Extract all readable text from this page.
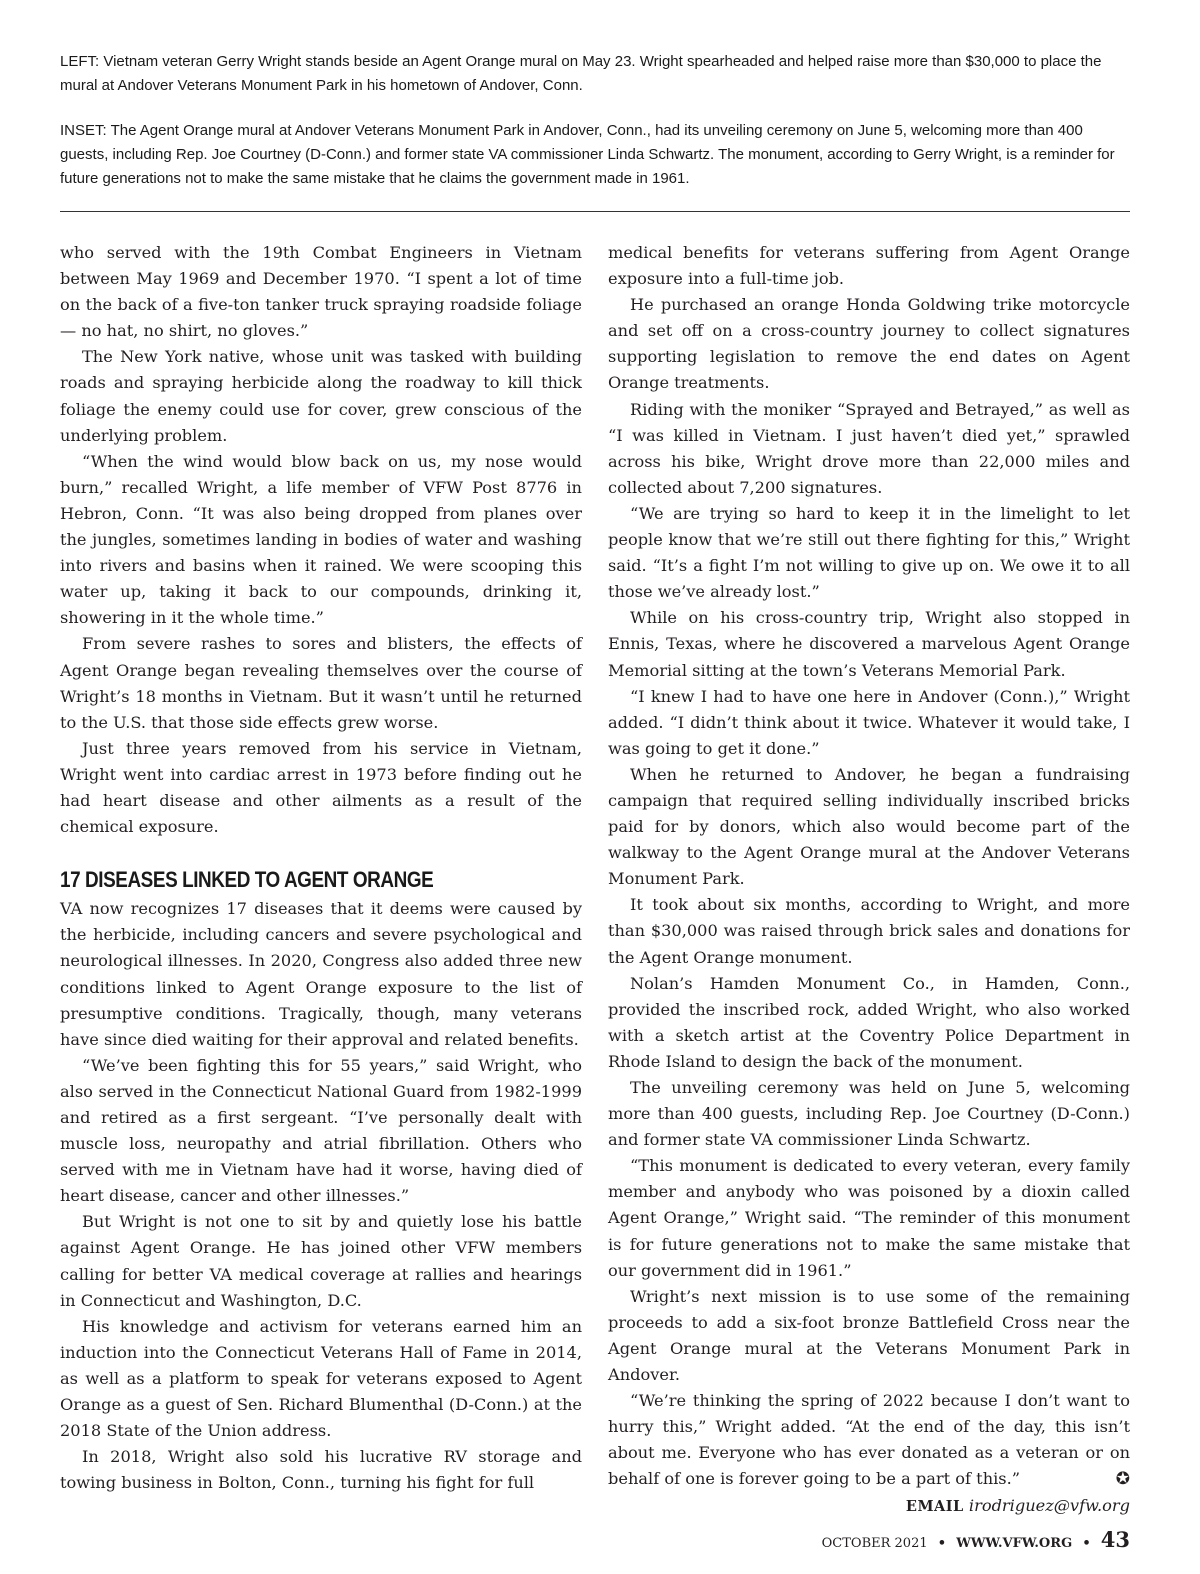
LEFT: Vietnam veteran Gerry Wright stands beside an Agent Orange mural on May 23. Wright spearheaded and helped raise more than $30,000 to place the mural at Andover Veterans Monument Park in his hometown of Andover, Conn.

INSET: The Agent Orange mural at Andover Veterans Monument Park in Andover, Conn., had its unveiling ceremony on June 5, welcoming more than 400 guests, including Rep. Joe Courtney (D-Conn.) and former state VA commissioner Linda Schwartz. The monument, according to Gerry Wright, is a reminder for future generations not to make the same mistake that he claims the government made in 1961.

who served with the 19th Combat Engineers in Vietnam between May 1969 and December 1970. “I spent a lot of time on the back of a five-ton tanker truck spraying roadside foliage — no hat, no shirt, no gloves.”

The New York native, whose unit was tasked with building roads and spraying herbicide along the roadway to kill thick foliage the enemy could use for cover, grew conscious of the underlying problem.

“When the wind would blow back on us, my nose would burn,” recalled Wright, a life member of VFW Post 8776 in Hebron, Conn. “It was also being dropped from planes over the jungles, sometimes landing in bodies of water and washing into rivers and basins when it rained. We were scooping this water up, taking it back to our compounds, drinking it, showering in it the whole time.”

From severe rashes to sores and blisters, the effects of Agent Orange began revealing themselves over the course of Wright’s 18 months in Vietnam. But it wasn’t until he returned to the U.S. that those side effects grew worse.

Just three years removed from his service in Vietnam, Wright went into cardiac arrest in 1973 before finding out he had heart disease and other ailments as a result of the chemical exposure.

17 DISEASES LINKED TO AGENT ORANGE

VA now recognizes 17 diseases that it deems were caused by the herbicide, including cancers and severe psychological and neurological illnesses. In 2020, Congress also added three new conditions linked to Agent Orange exposure to the list of presumptive conditions. Tragically, though, many veterans have since died waiting for their approval and related benefits.

“We’ve been fighting this for 55 years,” said Wright, who also served in the Connecticut National Guard from 1982-1999 and retired as a first sergeant. “I’ve personally dealt with muscle loss, neuropathy and atrial fibrillation. Others who served with me in Vietnam have had it worse, having died of heart disease, cancer and other illnesses.”

But Wright is not one to sit by and quietly lose his battle against Agent Orange. He has joined other VFW members calling for better VA medical coverage at rallies and hearings in Connecticut and Washington, D.C.

His knowledge and activism for veterans earned him an induction into the Connecticut Veterans Hall of Fame in 2014, as well as a platform to speak for veterans exposed to Agent Orange as a guest of Sen. Richard Blumenthal (D-Conn.) at the 2018 State of the Union address.

In 2018, Wright also sold his lucrative RV storage and towing business in Bolton, Conn., turning his fight for full

medical benefits for veterans suffering from Agent Orange exposure into a full-time job.

He purchased an orange Honda Goldwing trike motorcycle and set off on a cross-country journey to collect signatures supporting legislation to remove the end dates on Agent Orange treatments.

Riding with the moniker “Sprayed and Betrayed,” as well as “I was killed in Vietnam. I just haven’t died yet,” sprawled across his bike, Wright drove more than 22,000 miles and collected about 7,200 signatures.

“We are trying so hard to keep it in the limelight to let people know that we’re still out there fighting for this,” Wright said. “It’s a fight I’m not willing to give up on. We owe it to all those we’ve already lost.”

While on his cross-country trip, Wright also stopped in Ennis, Texas, where he discovered a marvelous Agent Orange Memorial sitting at the town’s Veterans Memorial Park.

“I knew I had to have one here in Andover (Conn.),” Wright added. “I didn’t think about it twice. Whatever it would take, I was going to get it done.”

When he returned to Andover, he began a fundraising campaign that required selling individually inscribed bricks paid for by donors, which also would become part of the walkway to the Agent Orange mural at the Andover Veterans Monument Park.

It took about six months, according to Wright, and more than $30,000 was raised through brick sales and donations for the Agent Orange monument.

Nolan’s Hamden Monument Co., in Hamden, Conn., provided the inscribed rock, added Wright, who also worked with a sketch artist at the Coventry Police Department in Rhode Island to design the back of the monument.

The unveiling ceremony was held on June 5, welcoming more than 400 guests, including Rep. Joe Courtney (D-Conn.) and former state VA commissioner Linda Schwartz.

“This monument is dedicated to every veteran, every family member and anybody who was poisoned by a dioxin called Agent Orange,” Wright said. “The reminder of this monument is for future generations not to make the same mistake that our government did in 1961.”

Wright’s next mission is to use some of the remaining proceeds to add a six-foot bronze Battlefield Cross near the Agent Orange mural at the Veterans Monument Park in Andover.

“We’re thinking the spring of 2022 because I don’t want to hurry this,” Wright added. “At the end of the day, this isn’t about me. Everyone who has ever donated as a veteran or on behalf of one is forever going to be a part of this.”	✪

EMAIL irodriguez@vfw.org
OCTOBER 2021 • WWW.VFW.ORG • 43
